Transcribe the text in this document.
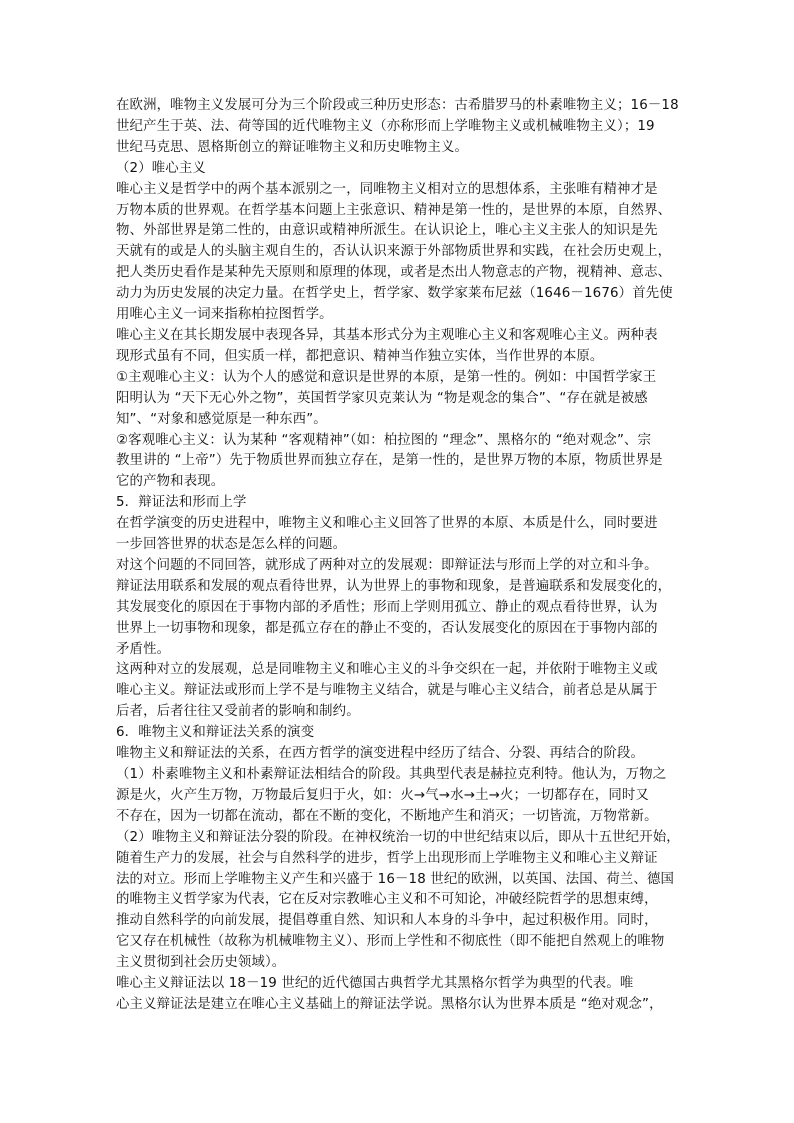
在欧洲，唯物主义发展可分为三个阶段或三种历史形态：古希腊罗马的朴素唯物主义；16－18

世纪产生于英、法、荷等国的近代唯物主义（亦称形而上学唯物主义或机械唯物主义）；19

世纪马克思、恩格斯创立的辩证唯物主义和历史唯物主义。

（2）唯心主义

唯心主义是哲学中的两个基本派别之一，同唯物主义相对立的思想体系，主张唯有精神才是

万物本质的世界观。在哲学基本问题上主张意识、精神是第一性的，是世界的本原，自然界、

物、外部世界是第二性的，由意识或精神所派生。在认识论上，唯心主义主张人的知识是先

天就有的或是人的头脑主观自生的，否认认识来源于外部物质世界和实践，在社会历史观上，

把人类历史看作是某种先天原则和原理的体现，或者是杰出人物意志的产物，视精神、意志、

动力为历史发展的决定力量。在哲学史上，哲学家、数学家莱布尼兹（1646－1676）首先使

用唯心主义一词来指称柏拉图哲学。

唯心主义在其长期发展中表现各异，其基本形式分为主观唯心主义和客观唯心主义。两种表

现形式虽有不同，但实质一样，都把意识、精神当作独立实体，当作世界的本原。

①主观唯心主义：认为个人的感觉和意识是世界的本原，是第一性的。例如：中国哲学家王

阳明认为 “天下无心外之物”，英国哲学家贝克莱认为 “物是观念的集合”、“存在就是被感

知”、“对象和感觉原是一种东西”。

②客观唯心主义：认为某种 “客观精神”（如：柏拉图的 “理念”、黑格尔的 “绝对观念”、宗

教里讲的 “上帝”）先于物质世界而独立存在，是第一性的，是世界万物的本原，物质世界是

它的产物和表现。

5．辩证法和形而上学

在哲学演变的历史进程中，唯物主义和唯心主义回答了世界的本原、本质是什么，同时要进

一步回答世界的状态是怎么样的问题。

对这个问题的不同回答，就形成了两种对立的发展观：即辩证法与形而上学的对立和斗争。

辩证法用联系和发展的观点看待世界，认为世界上的事物和现象，是普遍联系和发展变化的，

其发展变化的原因在于事物内部的矛盾性；形而上学则用孤立、静止的观点看待世界，认为

世界上一切事物和现象，都是孤立存在的静止不变的，否认发展变化的原因在于事物内部的

矛盾性。

这两种对立的发展观，总是同唯物主义和唯心主义的斗争交织在一起，并依附于唯物主义或

唯心主义。辩证法或形而上学不是与唯物主义结合，就是与唯心主义结合，前者总是从属于

后者，后者往往又受前者的影响和制约。

6．唯物主义和辩证法关系的演变

唯物主义和辩证法的关系，在西方哲学的演变进程中经历了结合、分裂、再结合的阶段。

（1）朴素唯物主义和朴素辩证法相结合的阶段。其典型代表是赫拉克利特。他认为，万物之

源是火，火产生万物，万物最后复归于火，如：火→气→水→土→火；一切都存在，同时又

不存在，因为一切都在流动，都在不断的变化，不断地产生和消灭；一切皆流，万物常新。

（2）唯物主义和辩证法分裂的阶段。在神权统治一切的中世纪结束以后，即从十五世纪开始，

随着生产力的发展，社会与自然科学的进步，哲学上出现形而上学唯物主义和唯心主义辩证

法的对立。形而上学唯物主义产生和兴盛于 16－18 世纪的欧洲，以英国、法国、荷兰、德国

的唯物主义哲学家为代表，它在反对宗教唯心主义和不可知论，冲破经院哲学的思想束缚，

推动自然科学的向前发展，提倡尊重自然、知识和人本身的斗争中，起过积极作用。同时，

它又存在机械性（故称为机械唯物主义）、形而上学性和不彻底性（即不能把自然观上的唯物

主义贯彻到社会历史领域）。

唯心主义辩证法以 18－19 世纪的近代德国古典哲学尤其黑格尔哲学为典型的代表。唯

心主义辩证法是建立在唯心主义基础上的辩证法学说。黑格尔认为世界本质是 “绝对观念”，
